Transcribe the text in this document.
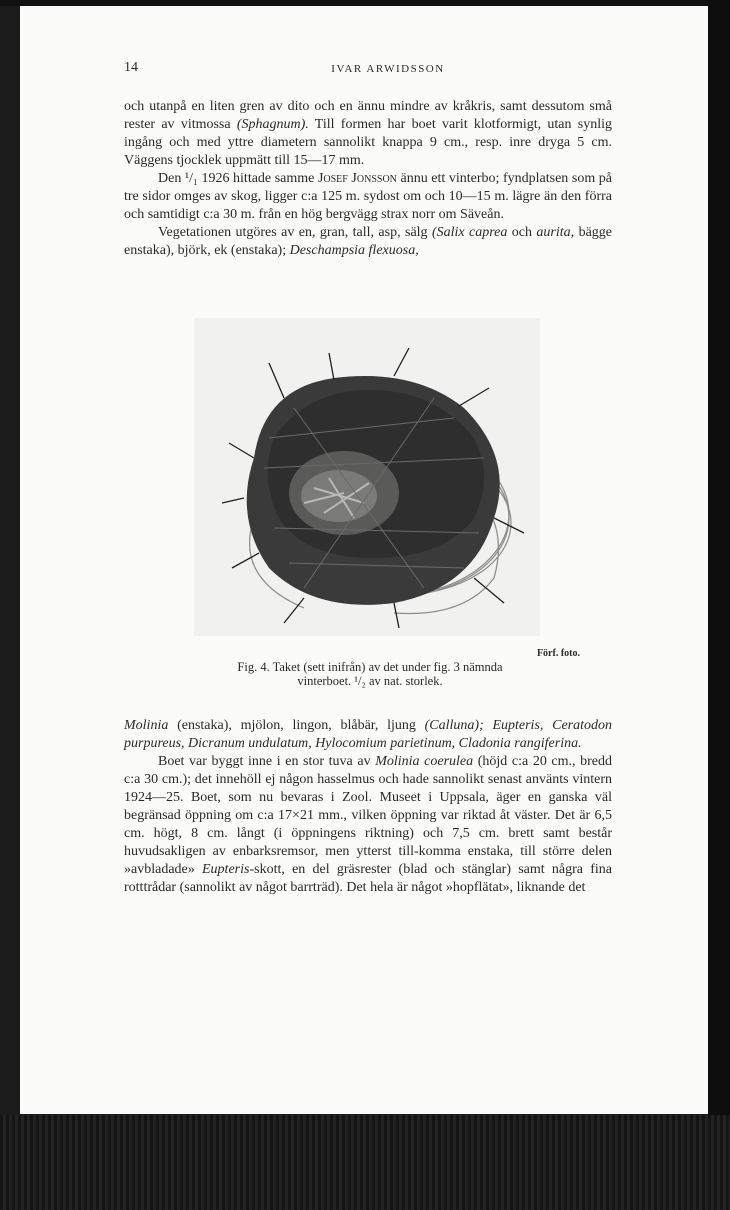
14	IVAR ARWIDSSON

och utanpå en liten gren av dito och en ännu mindre av kråkris, samt dessutom små rester av vitmossa (Sphagnum). Till formen har boet varit klotformigt, utan synlig ingång och med yttre diametern sannolikt knappa 9 cm., resp. inre dryga 5 cm. Väggens tjocklek uppmätt till 15—17 mm.

Den ¹/₁ 1926 hittade samme Josef Jonsson ännu ett vinterbo; fyndplatsen som på tre sidor omges av skog, ligger c:a 125 m. sydost om och 10—15 m. lägre än den förra och samtidigt c:a 30 m. från en hög bergvägg strax norr om Säveån.

Vegetationen utgöres av en, gran, tall, asp, sälg (Salix caprea och aurita, bägge enstaka), björk, ek (enstaka); Deschampsia flexuosa,

Förf. foto.

Fig. 4. Taket (sett inifrån) av det under fig. 3 nämnda

vinterboet. ¹/₂ av nat. storlek.

Molinia (enstaka), mjölon, lingon, blåbär, ljung (Calluna); Eupteris, Ceratodon purpureus, Dicranum undulatum, Hylocomium parietinum, Cladonia rangiferina.

Boet var byggt inne i en stor tuva av Molinia coerulea (höjd c:a 20 cm., bredd c:a 30 cm.); det innehöll ej någon hasselmus och hade sannolikt senast använts vintern 1924—25. Boet, som nu bevaras i Zool. Museet i Uppsala, äger en ganska väl begränsad öppning om c:a 17×21 mm., vilken öppning var riktad åt väster. Det är 6,5 cm. högt, 8 cm. långt (i öppningens riktning) och 7,5 cm. brett samt består huvudsakligen av enbarksremsor, men ytterst till-komma enstaka, till större delen »avbladade» Eupteris-skott, en del gräsrester (blad och stänglar) samt några fina rotttrådar (sannolikt av något barrträd). Det hela är något »hopflätat», liknande det
